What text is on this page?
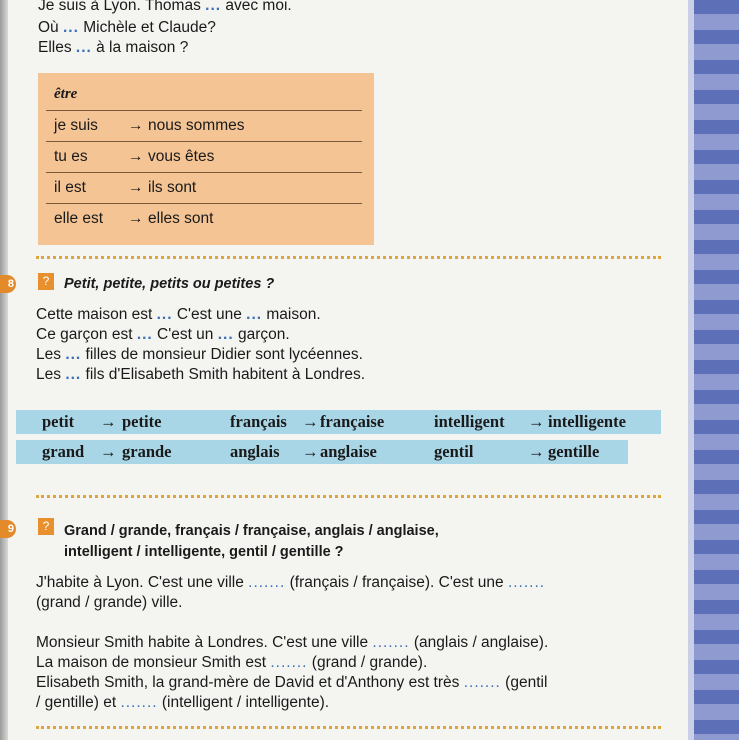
Je suis à Lyon. Thomas ... avec moi.
Où ... Michèle et Claude?
Elles ... à la maison ?
être
je suis → nous sommes
tu es	→ vous êtes
il est	→ ils sont
elle est → elles sont
8	?	Petit, petite, petits ou petites ?
Cette maison est ... C'est une ... maison.
Ce garçon est ... C'est un ... garçon.
Les ... filles de monsieur Didier sont lycéennes.
Les ... fils d'Elisabeth Smith habitent à Londres.
petit → petite	français → française	intelligent → intelligente
grand → grande	anglais → anglaise	gentil	→ gentille
9	?	Grand / grande, français / française, anglais / anglaise,
intelligent / intelligente, gentil / gentille ?
J'habite à Lyon. C'est une ville ....... (français / française). C'est une .......
(grand / grande) ville.
Monsieur Smith habite à Londres. C'est une ville ....... (anglais / anglaise).
La maison de monsieur Smith est ....... (grand / grande).
Elisabeth Smith, la grand-mère de David et d'Anthony est très ....... (gentil
/ gentille) et ....... (intelligent / intelligente).
